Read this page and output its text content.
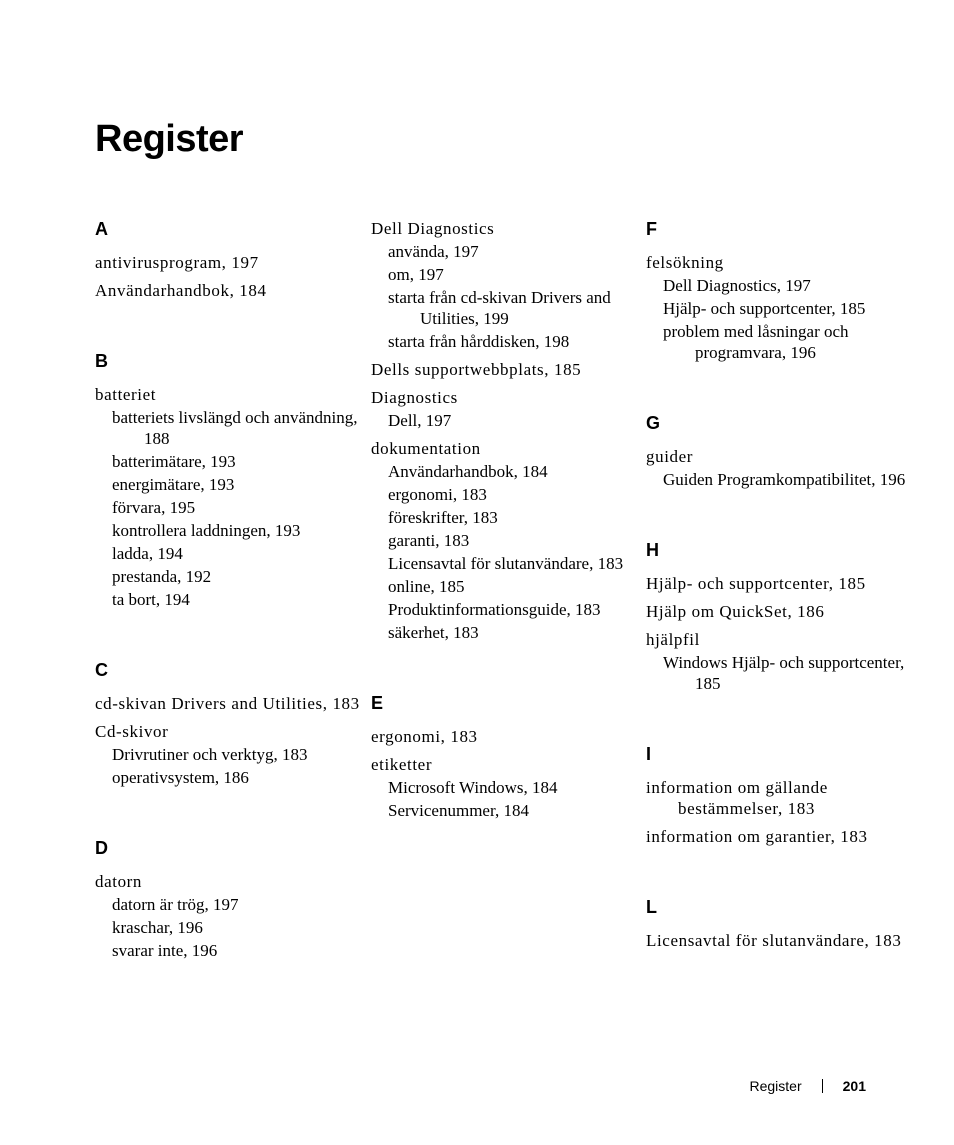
Register
A
antivirusprogram, 197
Användarhandbok, 184
B
batteriet
batteriets livslängd och användning, 188
batterimätare, 193
energimätare, 193
förvara, 195
kontrollera laddningen, 193
ladda, 194
prestanda, 192
ta bort, 194
C
cd-skivan Drivers and Utilities, 183
Cd-skivor
Drivrutiner och verktyg, 183
operativsystem, 186
D
datorn
datorn är trög, 197
kraschar, 196
svarar inte, 196
Dell Diagnostics
använda, 197
om, 197
starta från cd-skivan Drivers and Utilities, 199
starta från hårddisken, 198
Dells supportwebbplats, 185
Diagnostics
Dell, 197
dokumentation
Användarhandbok, 184
ergonomi, 183
föreskrifter, 183
garanti, 183
Licensavtal för slutanvändare, 183
online, 185
Produktinformationsguide, 183
säkerhet, 183
E
ergonomi, 183
etiketter
Microsoft Windows, 184
Servicenummer, 184
F
felsökning
Dell Diagnostics, 197
Hjälp- och supportcenter, 185
problem med låsningar och programvara, 196
G
guider
Guiden Programkompatibilitet, 196
H
Hjälp- och supportcenter, 185
Hjälp om QuickSet, 186
hjälpfil
Windows Hjälp- och supportcenter, 185
I
information om gällande bestämmelser, 183
information om garantier, 183
L
Licensavtal för slutanvändare, 183
Register	201
